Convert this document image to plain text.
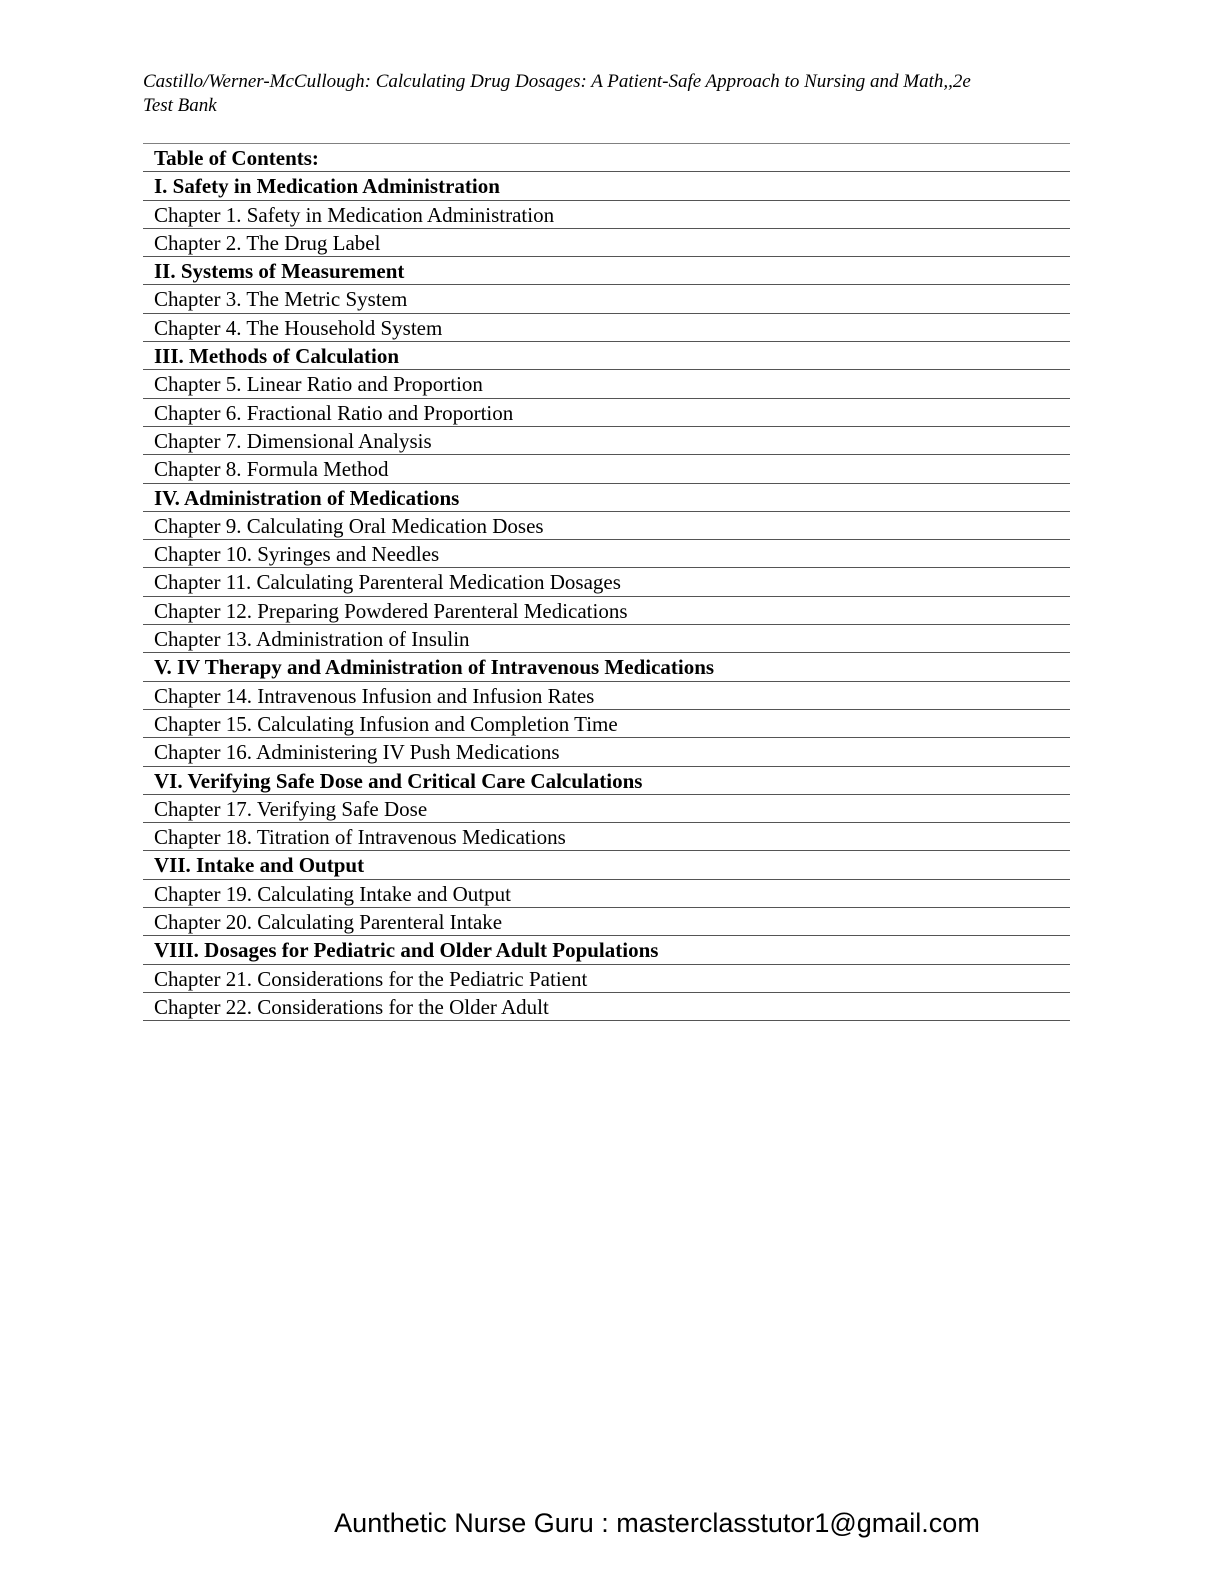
Castillo/Werner-McCullough: Calculating Drug Dosages: A Patient-Safe Approach to Nursing and Math,,2e
Test Bank
Table of Contents:
I. Safety in Medication Administration
Chapter 1. Safety in Medication Administration
Chapter 2. The Drug Label
II. Systems of Measurement
Chapter 3. The Metric System
Chapter 4. The Household System
III. Methods of Calculation
Chapter 5. Linear Ratio and Proportion
Chapter 6. Fractional Ratio and Proportion
Chapter 7. Dimensional Analysis
Chapter 8. Formula Method
IV. Administration of Medications
Chapter 9. Calculating Oral Medication Doses
Chapter 10. Syringes and Needles
Chapter 11. Calculating Parenteral Medication Dosages
Chapter 12. Preparing Powdered Parenteral Medications
Chapter 13. Administration of Insulin
V. IV Therapy and Administration of Intravenous Medications
Chapter 14. Intravenous Infusion and Infusion Rates
Chapter 15. Calculating Infusion and Completion Time
Chapter 16. Administering IV Push Medications
VI. Verifying Safe Dose and Critical Care Calculations
Chapter 17. Verifying Safe Dose
Chapter 18. Titration of Intravenous Medications
VII. Intake and Output
Chapter 19. Calculating Intake and Output
Chapter 20. Calculating Parenteral Intake
VIII. Dosages for Pediatric and Older Adult Populations
Chapter 21. Considerations for the Pediatric Patient
Chapter 22. Considerations for the Older Adult
Aunthetic Nurse Guru : masterclasstutor1@gmail.com
